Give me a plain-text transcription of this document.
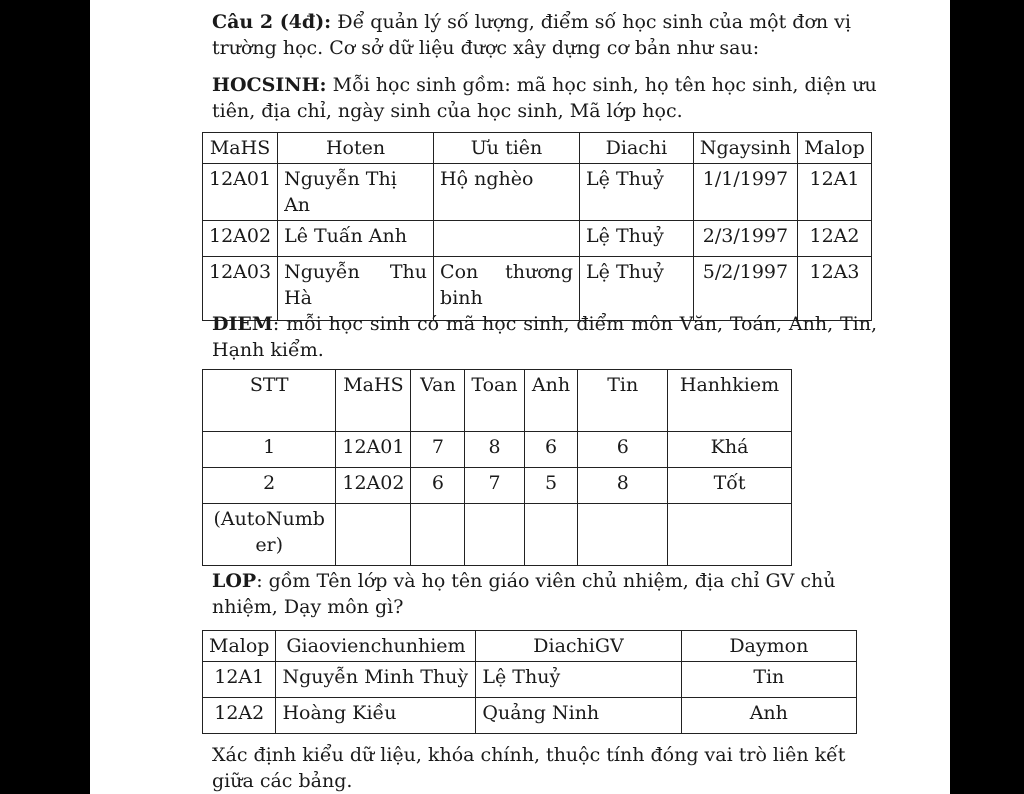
Câu 2 (4đ): Để quản lý số lượng, điểm số học sinh của một đơn vị trường học. Cơ sở dữ liệu được xây dựng cơ bản như sau:

HOCSINH: Mỗi học sinh gồm: mã học sinh, họ tên học sinh, diện ưu tiên, địa chỉ, ngày sinh của học sinh, Mã lớp học.

MaHS	Hoten	Ưu tiên	Diachi	Ngaysinh	Malop
12A01	Nguyễn Thị An	Hộ nghèo	Lệ Thuỷ	1/1/1997	12A1
12A02	Lê Tuấn Anh		Lệ Thuỷ	2/3/1997	12A2
12A03	Nguyễn Thu Hà	Con thương binh	Lệ Thuỷ	5/2/1997	12A3

DIEM: mỗi học sinh có mã học sinh, điểm môn Văn, Toán, Anh, Tin, Hạnh kiểm.

STT	MaHS	Van	Toan	Anh	Tin	Hanhkiem
1	12A01	7	8	6	6	Khá
2	12A02	6	7	5	8	Tốt
(AutoNumber)						

LOP: gồm Tên lớp và họ tên giáo viên chủ nhiệm, địa chỉ GV chủ nhiệm, Dạy môn gì?

Malop	Giaovienchunhiem	DiachiGV	Daymon
12A1	Nguyễn Minh Thuỳ	Lệ Thuỷ	Tin
12A2	Hoàng Kiều	Quảng Ninh	Anh

Xác định kiểu dữ liệu, khóa chính, thuộc tính đóng vai trò liên kết giữa các bảng.
